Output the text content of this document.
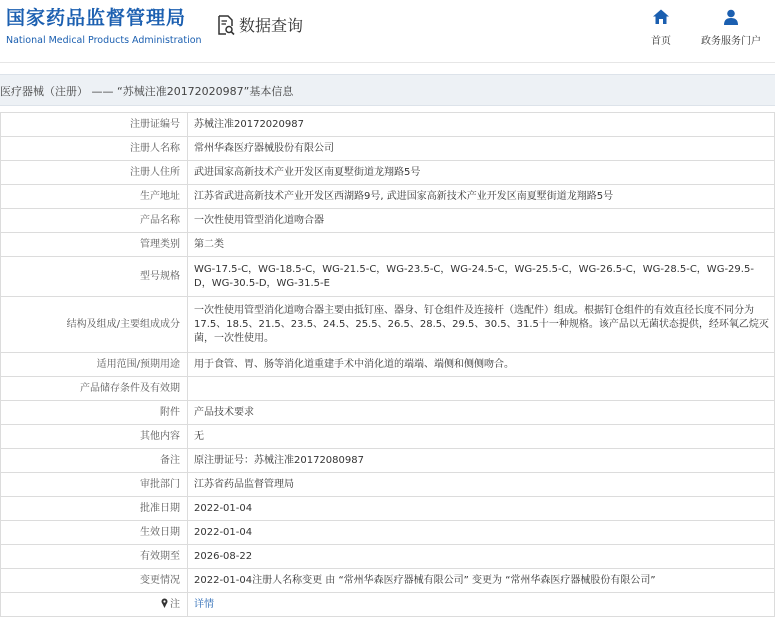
国家药品监督管理局
National Medical Products Administration
数据查询
首页	政务服务门户
医疗器械（注册） —— “苏械注准20172020987”基本信息
注册证编号	苏械注准20172020987
注册人名称	常州华森医疗器械股份有限公司
注册人住所	武进国家高新技术产业开发区南夏墅街道龙翔路5号
生产地址	江苏省武进高新技术产业开发区西湖路9号, 武进国家高新技术产业开发区南夏墅街道龙翔路5号
产品名称	一次性使用管型消化道吻合器
管理类别	第二类
型号规格	WG-17.5-C，WG-18.5-C，WG-21.5-C，WG-23.5-C，WG-24.5-C，WG-25.5-C，WG-26.5-C，WG-28.5-C，WG-29.5-D，WG-30.5-D，WG-31.5-E
结构及组成/主要组成成分	一次性使用管型消化道吻合器主要由抵钉座、器身、钉仓组件及连接杆（选配件）组成。根据钉仓组件的有效直径长度不同分为17.5、18.5、21.5、23.5、24.5、25.5、26.5、28.5、29.5、30.5、31.5十一种规格。该产品以无菌状态提供，经环氧乙烷灭菌，一次性使用。
适用范围/预期用途	用于食管、胃、肠等消化道重建手术中消化道的端端、端侧和侧侧吻合。
产品储存条件及有效期	
附件	产品技术要求
其他内容	无
备注	原注册证号：苏械注准20172080987
审批部门	江苏省药品监督管理局
批准日期	2022-01-04
生效日期	2022-01-04
有效期至	2026-08-22
变更情况	2022-01-04注册人名称变更 由 “常州华森医疗器械有限公司” 变更为 “常州华森医疗器械股份有限公司”
注	详情
